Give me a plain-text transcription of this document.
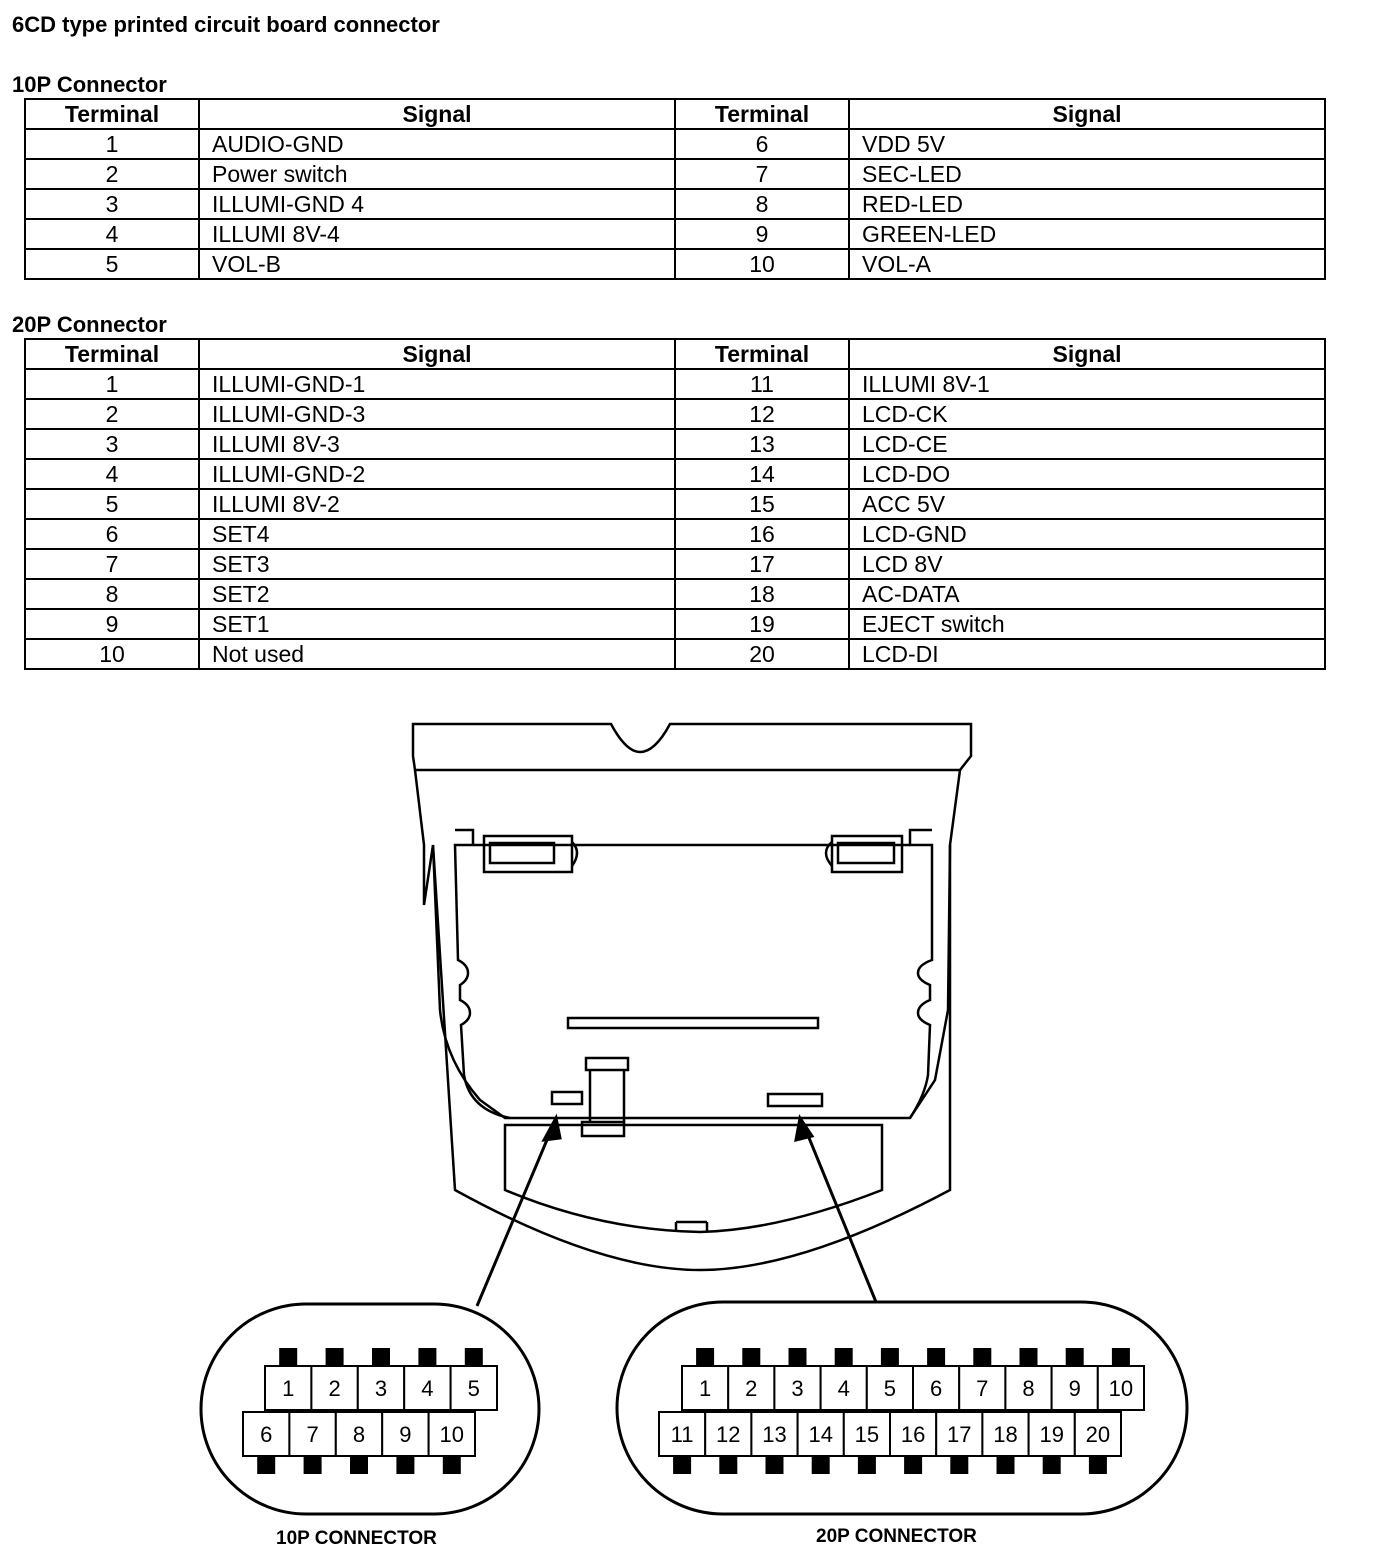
6CD type printed circuit board connector
10P Connector
Terminal	Signal	Terminal	Signal
1	AUDIO-GND	6	VDD 5V
2	Power switch	7	SEC-LED
3	ILLUMI-GND 4	8	RED-LED
4	ILLUMI 8V-4	9	GREEN-LED
5	VOL-B	10	VOL-A
20P Connector
Terminal	Signal	Terminal	Signal
1	ILLUMI-GND-1	11	ILLUMI 8V-1
2	ILLUMI-GND-3	12	LCD-CK
3	ILLUMI 8V-3	13	LCD-CE
4	ILLUMI-GND-2	14	LCD-DO
5	ILLUMI 8V-2	15	ACC 5V
6	SET4	16	LCD-GND
7	SET3	17	LCD 8V
8	SET2	18	AC-DATA
9	SET1	19	EJECT switch
10	Not used	20	LCD-DI
1 2 3 4 5
6 7 8 9 10
1 2 3 4 5 6 7 8 9 10
11 12 13 14 15 16 17 18 19 20
10P CONNECTOR	20P CONNECTOR
